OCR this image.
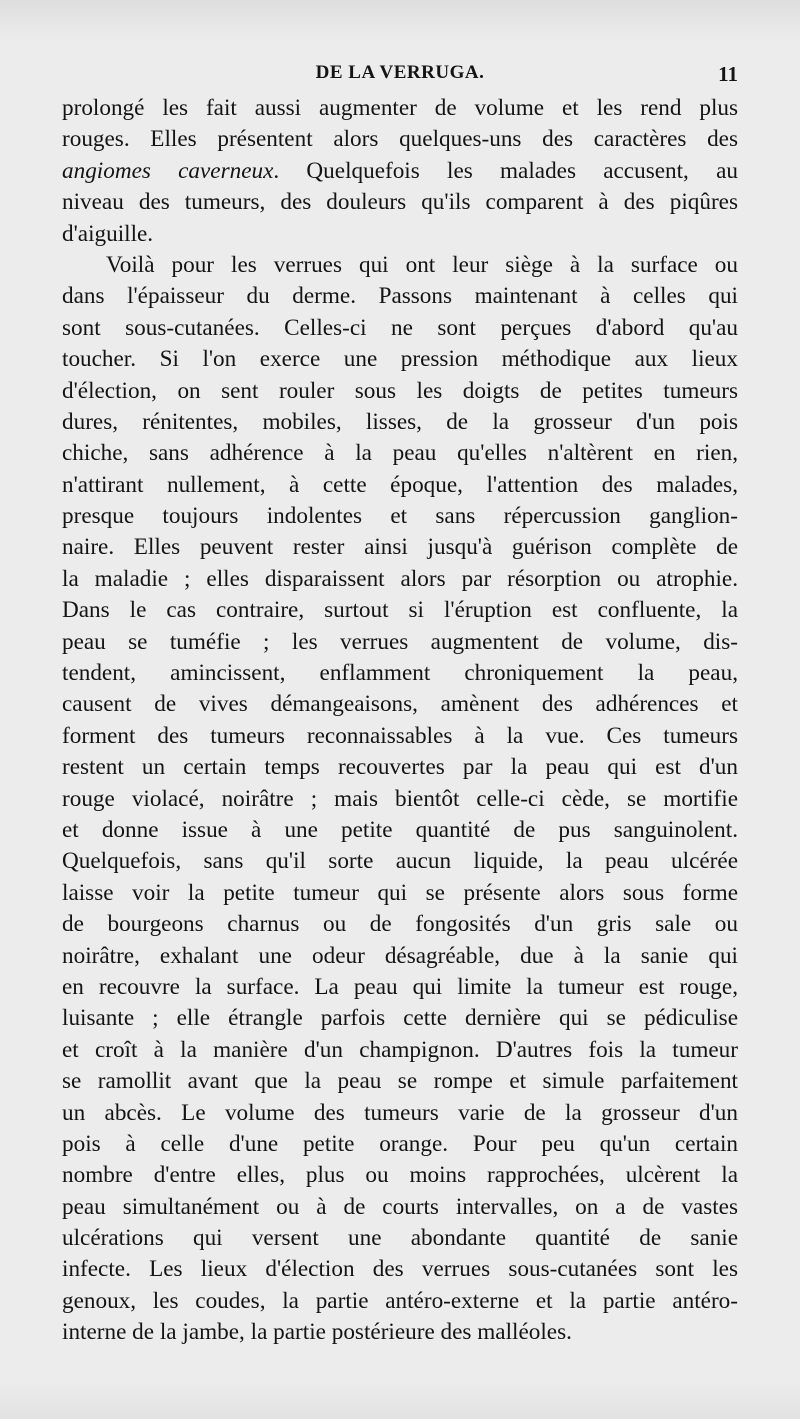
DE LA VERRUGA.	11
prolongé les fait aussi augmenter de volume et les rend plus
rouges. Elles présentent alors quelques-uns des caractères des
angiomes caverneux. Quelquefois les malades accusent, au
niveau des tumeurs, des douleurs qu'ils comparent à des piqûres
d'aiguille.
Voilà pour les verrues qui ont leur siège à la surface ou
dans l'épaisseur du derme. Passons maintenant à celles qui
sont sous-cutanées. Celles-ci ne sont perçues d'abord qu'au
toucher. Si l'on exerce une pression méthodique aux lieux
d'élection, on sent rouler sous les doigts de petites tumeurs
dures, rénitentes, mobiles, lisses, de la grosseur d'un pois
chiche, sans adhérence à la peau qu'elles n'altèrent en rien,
n'attirant nullement, à cette époque, l'attention des malades,
presque toujours indolentes et sans répercussion ganglion-
naire. Elles peuvent rester ainsi jusqu'à guérison complète de
la maladie ; elles disparaissent alors par résorption ou atrophie.
Dans le cas contraire, surtout si l'éruption est confluente, la
peau se tuméfie ; les verrues augmentent de volume, dis-
tendent, amincissent, enflamment chroniquement la peau,
causent de vives démangeaisons, amènent des adhérences et
forment des tumeurs reconnaissables à la vue. Ces tumeurs
restent un certain temps recouvertes par la peau qui est d'un
rouge violacé, noirâtre ; mais bientôt celle-ci cède, se mortifie
et donne issue à une petite quantité de pus sanguinolent.
Quelquefois, sans qu'il sorte aucun liquide, la peau ulcérée
laisse voir la petite tumeur qui se présente alors sous forme
de bourgeons charnus ou de fongosités d'un gris sale ou
noirâtre, exhalant une odeur désagréable, due à la sanie qui
en recouvre la surface. La peau qui limite la tumeur est rouge,
luisante ; elle étrangle parfois cette dernière qui se pédiculise
et croît à la manière d'un champignon. D'autres fois la tumeur
se ramollit avant que la peau se rompe et simule parfaitement
un abcès. Le volume des tumeurs varie de la grosseur d'un
pois à celle d'une petite orange. Pour peu qu'un certain
nombre d'entre elles, plus ou moins rapprochées, ulcèrent la
peau simultanément ou à de courts intervalles, on a de vastes
ulcérations qui versent une abondante quantité de sanie
infecte. Les lieux d'élection des verrues sous-cutanées sont les
genoux, les coudes, la partie antéro-externe et la partie antéro-
interne de la jambe, la partie postérieure des malléoles.
